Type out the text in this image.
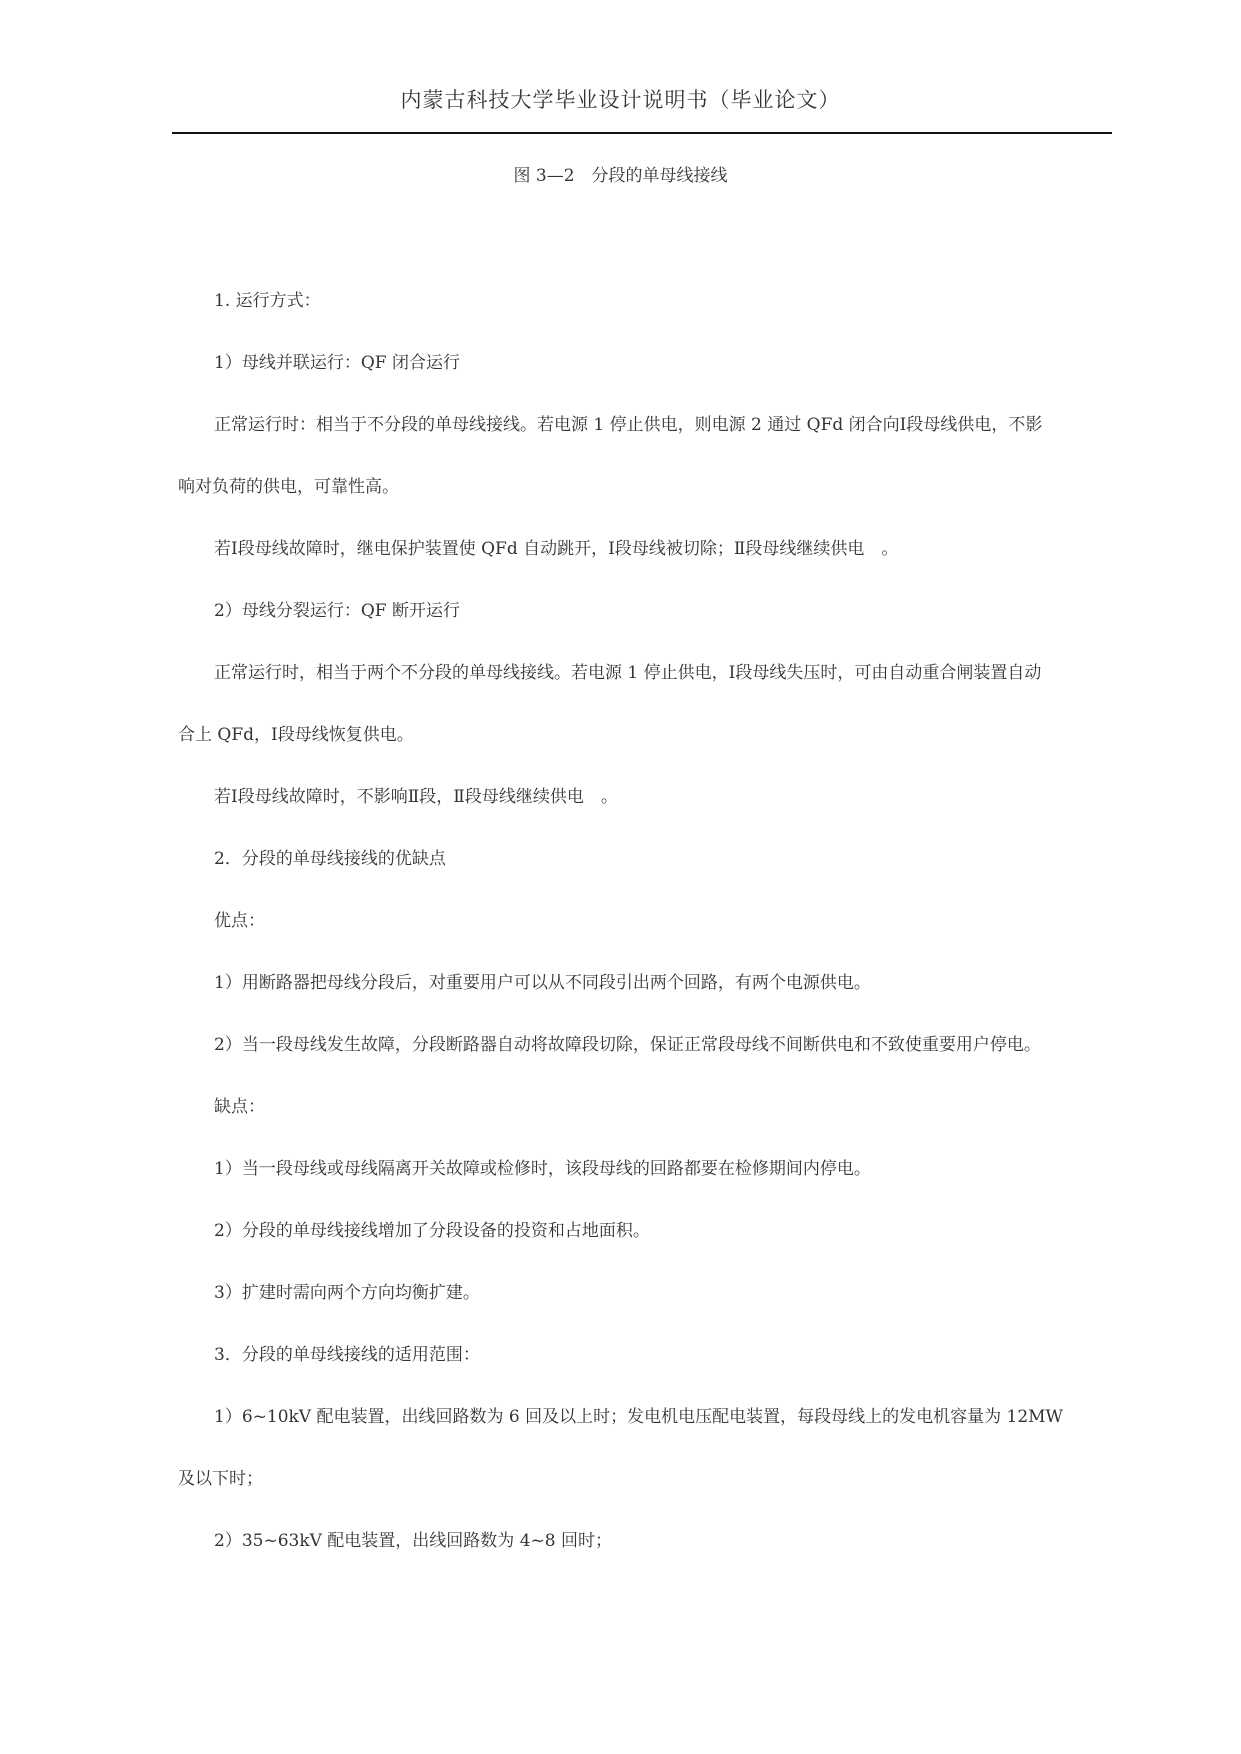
内蒙古科技大学毕业设计说明书（毕业论文）
图 3—2　分段的单母线接线
1. 运行方式：
1）母线并联运行：QF 闭合运行
正常运行时：相当于不分段的单母线接线。若电源 1 停止供电，则电源 2 通过 QFd 闭合向Ⅰ段母线供电，不影
响对负荷的供电，可靠性高。
若Ⅰ段母线故障时，继电保护装置使 QFd 自动跳开，Ⅰ段母线被切除；Ⅱ段母线继续供电　。
2）母线分裂运行：QF 断开运行
正常运行时，相当于两个不分段的单母线接线。若电源 1 停止供电，Ⅰ段母线失压时，可由自动重合闸装置自动
合上 QFd，Ⅰ段母线恢复供电。
若Ⅰ段母线故障时，不影响Ⅱ段，Ⅱ段母线继续供电　。
2．分段的单母线接线的优缺点
优点：
1）用断路器把母线分段后，对重要用户可以从不同段引出两个回路，有两个电源供电。
2）当一段母线发生故障，分段断路器自动将故障段切除，保证正常段母线不间断供电和不致使重要用户停电。
缺点：
1）当一段母线或母线隔离开关故障或检修时，该段母线的回路都要在检修期间内停电。
2）分段的单母线接线增加了分段设备的投资和占地面积。
3）扩建时需向两个方向均衡扩建。
3．分段的单母线接线的适用范围：
1）6~10kV 配电装置，出线回路数为 6 回及以上时；发电机电压配电装置，每段母线上的发电机容量为 12MW
及以下时；
2）35~63kV 配电装置，出线回路数为 4~8 回时；
